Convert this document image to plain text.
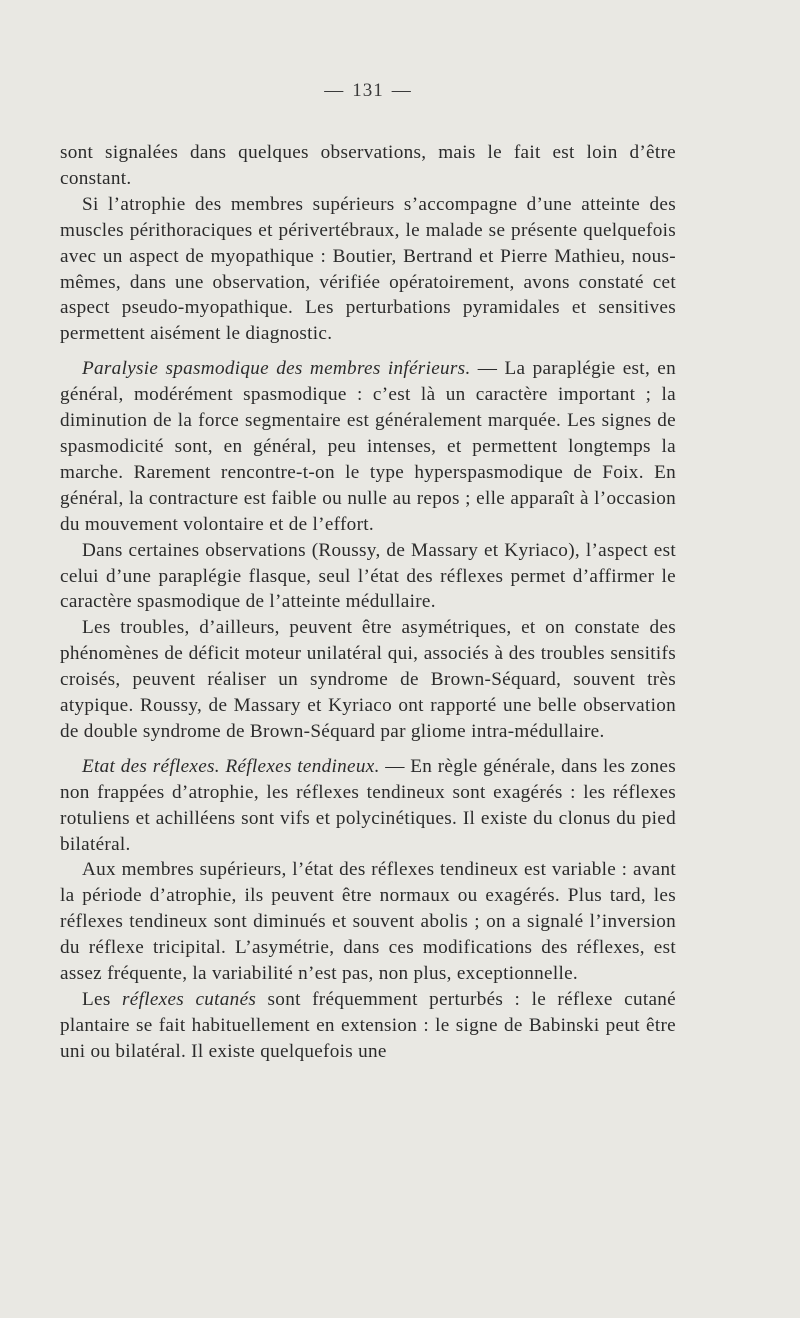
— 131 —

sont signalées dans quelques observations, mais le fait est loin d’être constant.

Si l’atrophie des membres supérieurs s’accompagne d’une atteinte des muscles périthoraciques et périvertébraux, le malade se présente quelquefois avec un aspect de myopathique : Boutier, Bertrand et Pierre Mathieu, nous-mêmes, dans une observation, vérifiée opératoirement, avons constaté cet aspect pseudo-myopathique. Les perturbations pyramidales et sensitives permettent aisément le diagnostic.

Paralysie spasmodique des membres inférieurs. — La paraplégie est, en général, modérément spasmodique : c’est là un caractère important ; la diminution de la force segmentaire est généralement marquée. Les signes de spasmodicité sont, en général, peu intenses, et permettent longtemps la marche. Rarement rencontre-t-on le type hyperspasmodique de Foix. En général, la contracture est faible ou nulle au repos ; elle apparaît à l’occasion du mouvement volontaire et de l’effort.

Dans certaines observations (Roussy, de Massary et Kyriaco), l’aspect est celui d’une paraplégie flasque, seul l’état des réflexes permet d’affirmer le caractère spasmodique de l’atteinte médullaire.

Les troubles, d’ailleurs, peuvent être asymétriques, et on constate des phénomènes de déficit moteur unilatéral qui, associés à des troubles sensitifs croisés, peuvent réaliser un syndrome de Brown-Séquard, souvent très atypique. Roussy, de Massary et Kyriaco ont rapporté une belle observation de double syndrome de Brown-Séquard par gliome intra-médullaire.

Etat des réflexes. Réflexes tendineux. — En règle générale, dans les zones non frappées d’atrophie, les réflexes tendineux sont exagérés : les réflexes rotuliens et achilléens sont vifs et polycinétiques. Il existe du clonus du pied bilatéral.

Aux membres supérieurs, l’état des réflexes tendineux est variable : avant la période d’atrophie, ils peuvent être normaux ou exagérés. Plus tard, les réflexes tendineux sont diminués et souvent abolis ; on a signalé l’inversion du réflexe tricipital. L’asymétrie, dans ces modifications des réflexes, est assez fréquente, la variabilité n’est pas, non plus, exceptionnelle.

Les réflexes cutanés sont fréquemment perturbés : le réflexe cutané plantaire se fait habituellement en extension : le signe de Babinski peut être uni ou bilatéral. Il existe quelquefois une
